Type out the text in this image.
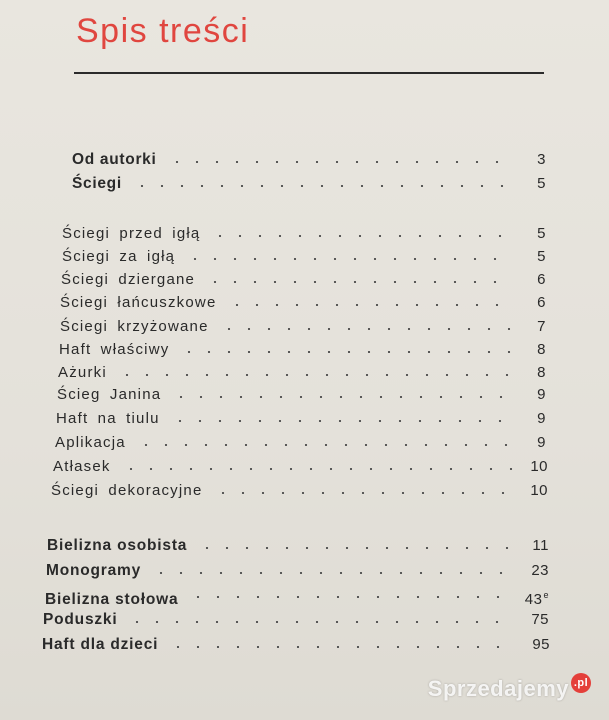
Spis treści
Od autorki	3
Ściegi	5
Ściegi przed igłą	5
Ściegi za igłą	5
Ściegi dziergane	6
Ściegi łańcuszkowe	6
Ściegi krzyżowane	7
Haft właściwy	8
Ażurki	8
Ścieg Janina	9
Haft na tiulu	9
Aplikacja	9
Atłasek	10
Ściegi dekoracyjne	10
Bielizna osobista	11
Monogramy	23
Bielizna stołowa	43e
Poduszki	75
Haft dla dzieci	95
Sprzedajemy .pl
